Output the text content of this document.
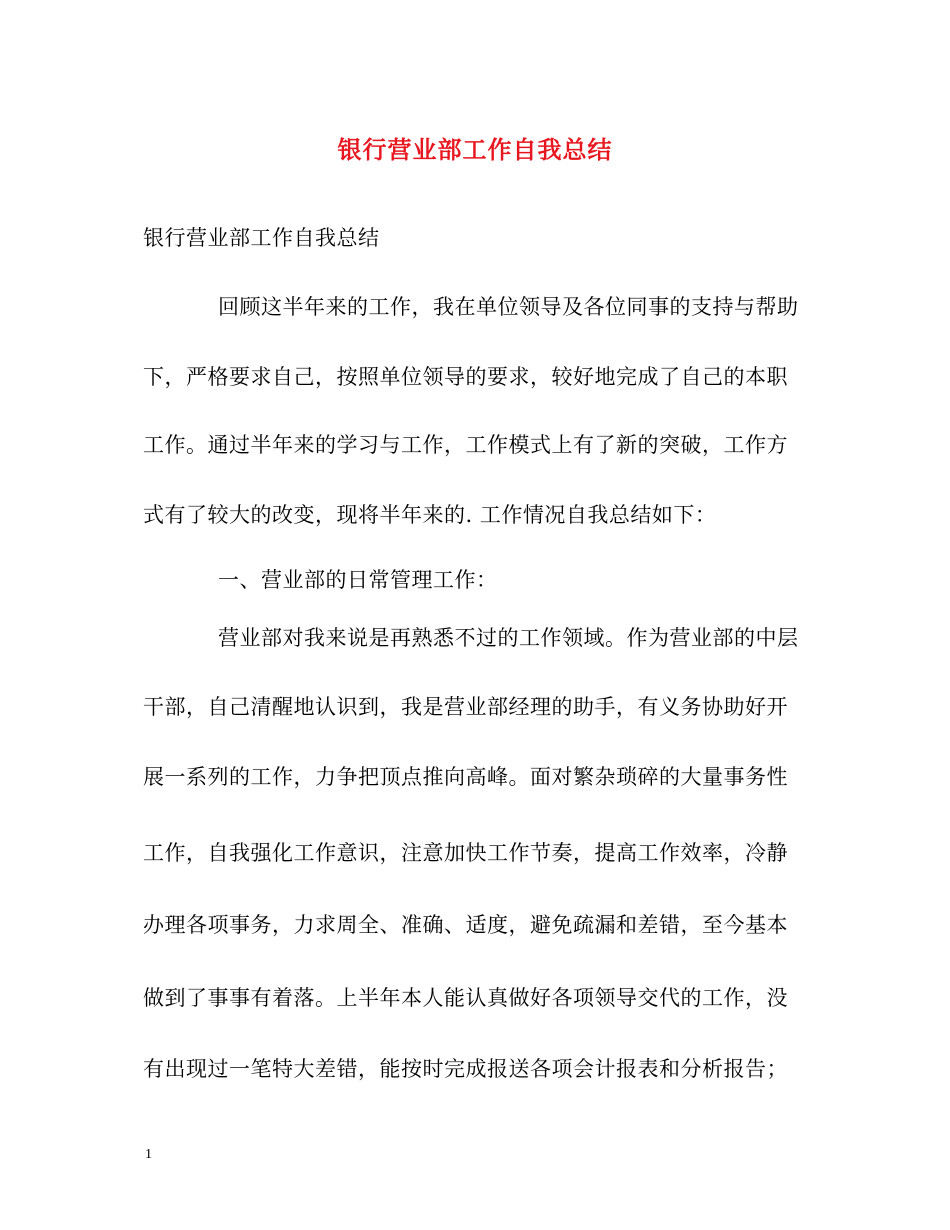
银行营业部工作自我总结
银行营业部工作自我总结
回顾这半年来的工作，我在单位领导及各位同事的支持与帮助
下，严格要求自己，按照单位领导的要求，较好地完成了自己的本职
工作。通过半年来的学习与工作，工作模式上有了新的突破，工作方
式有了较大的改变，现将半年来的. 工作情况自我总结如下：
一、营业部的日常管理工作：
营业部对我来说是再熟悉不过的工作领域。作为营业部的中层
干部，自己清醒地认识到，我是营业部经理的助手，有义务协助好开
展一系列的工作，力争把顶点推向高峰。面对繁杂琐碎的大量事务性
工作，自我强化工作意识，注意加快工作节奏，提高工作效率，冷静
办理各项事务，力求周全、准确、适度，避免疏漏和差错，至今基本
做到了事事有着落。上半年本人能认真做好各项领导交代的工作，没
有出现过一笔特大差错，能按时完成报送各项会计报表和分析报告；
1
